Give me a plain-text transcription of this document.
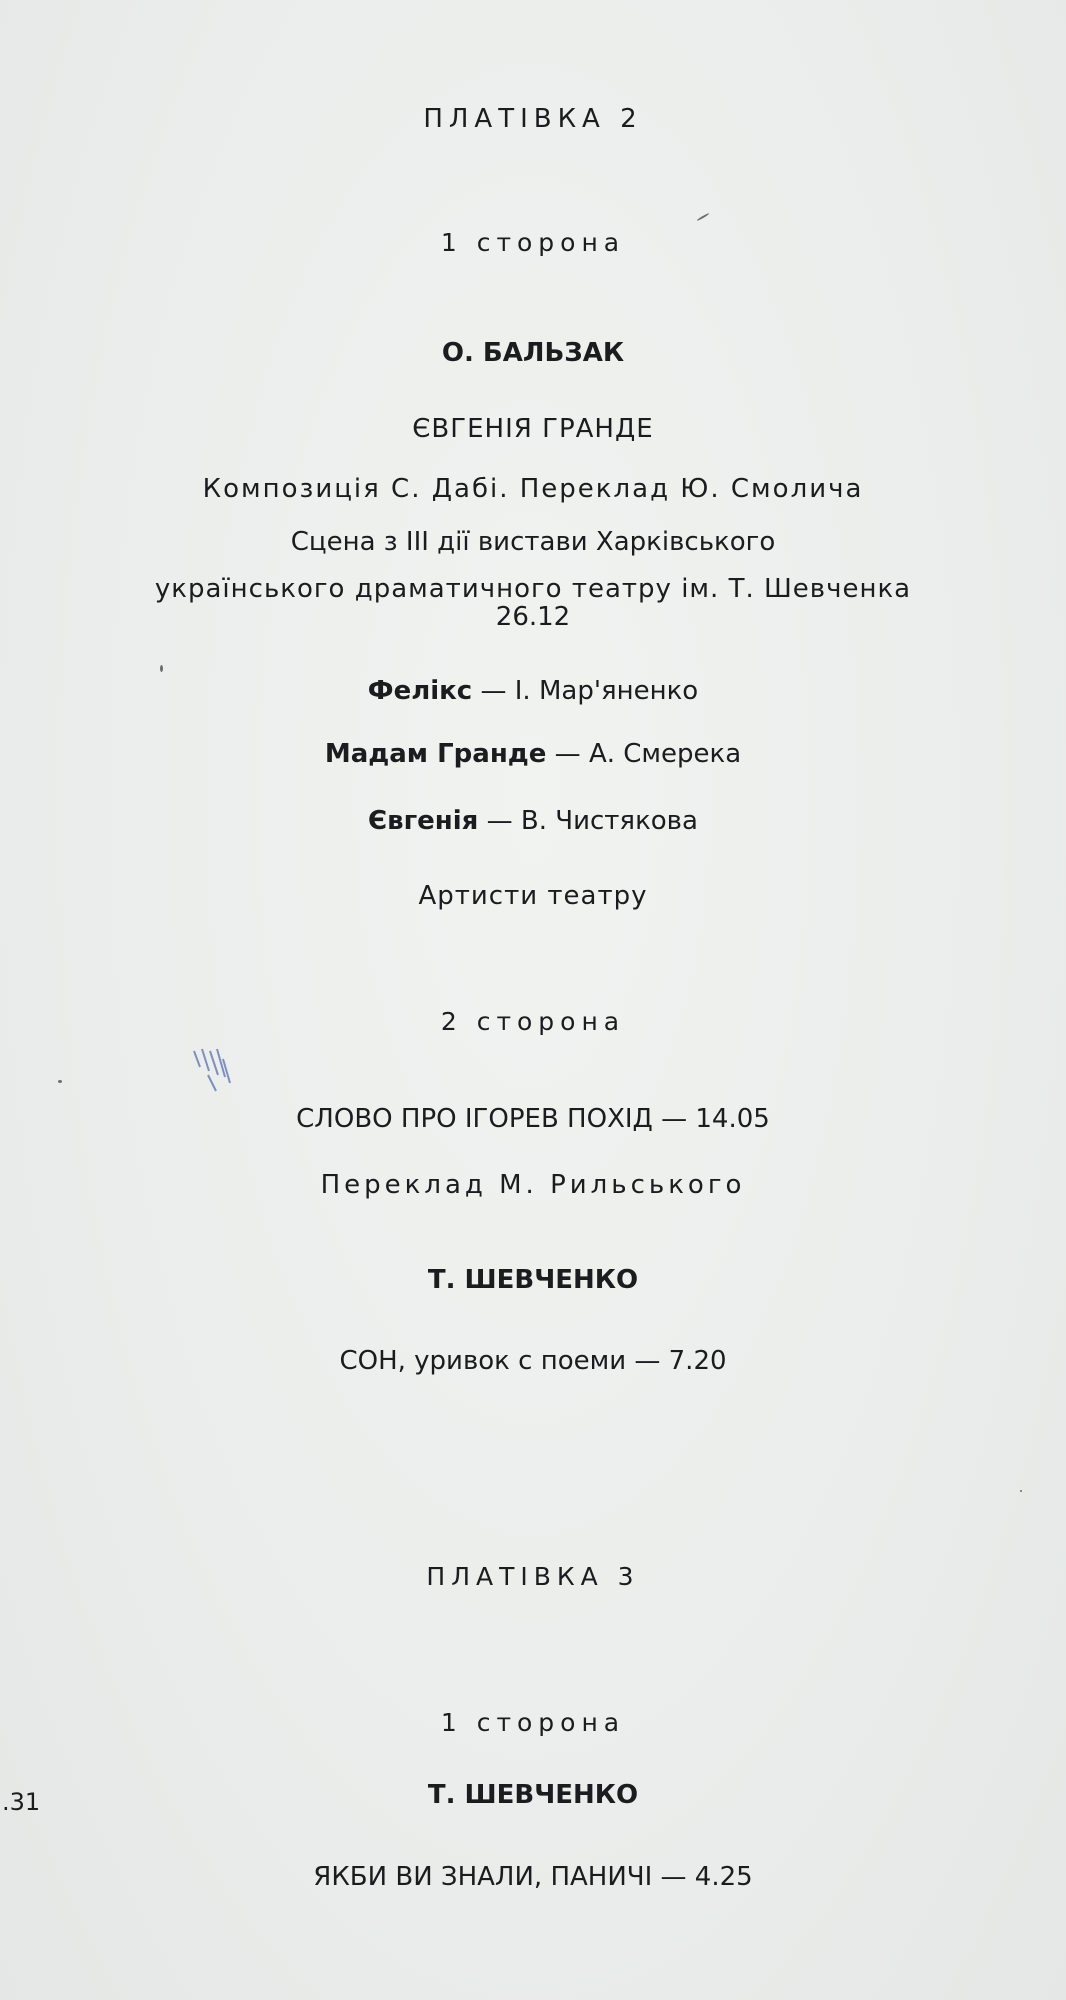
ПЛАТІВКА 2
1 сторона
О. БАЛЬЗАК
ЄВГЕНІЯ ГРАНДЕ
Композиція С. Дабі. Переклад Ю. Смолича
Сцена з ІІІ дії вистави Харківського
українського драматичного театру ім. Т. Шевченка
26.12
Фелікс — І. Мар'яненко
Мадам Гранде — А. Смерека
Євгенія — В. Чистякова
Артисти театру
2 сторона
СЛОВО ПРО ІГОРЕВ ПОХІД — 14.05
Переклад М. Рильського
Т. ШЕВЧЕНКО
СОН, уривок с поеми — 7.20
ПЛАТІВКА 3
1 сторона
Т. ШЕВЧЕНКО
ЯКБИ ВИ ЗНАЛИ, ПАНИЧІ — 4.25
.31
